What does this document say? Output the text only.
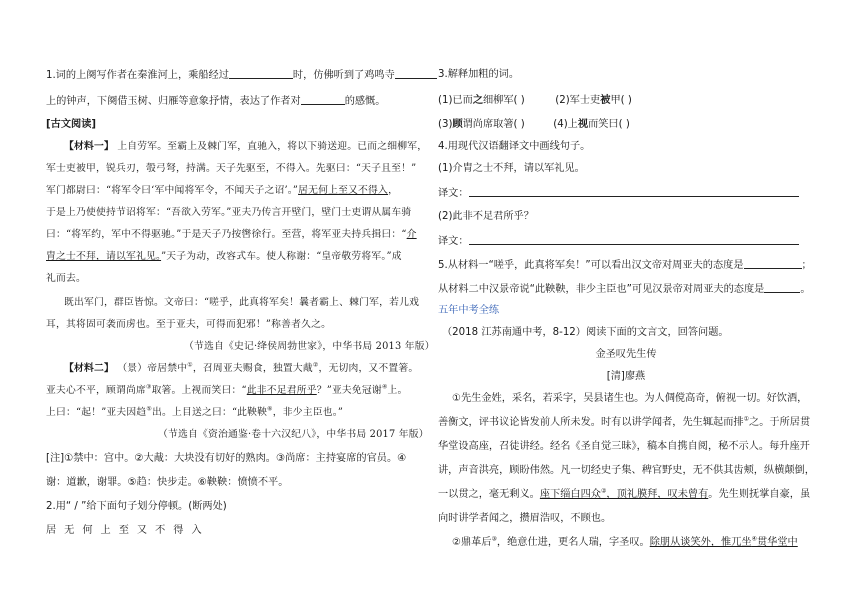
1.词的上阕写作者在秦淮河上，乘船经过	时，仿佛听到了鸡鸣寺
上的钟声，下阕借玉树、归雁等意象抒情，表达了作者对	的感慨。
[古文阅读]
【材料一】 上自劳军。至霸上及棘门军，直驰入，将以下骑送迎。已而之细柳军，
军士吏被甲，锐兵刃，彀弓弩，持满。天子先驱至，不得入。先驱曰：“天子且至！”
军门都尉曰：“将军令曰‘军中闻将军令，不闻天子之诏’。”居无何上至又不得入，
于是上乃使使持节诏将军：“吾欲入劳军。”亚夫乃传言开壁门，壁门士吏谓从属车骑
曰：“将军约，军中不得驱驰。”于是天子乃按辔徐行。至营，将军亚夫持兵揖曰：“介
胄之士不拜，请以军礼见。”天子为动，改容式车。使人称谢：“皇帝敬劳将军。”成
礼而去。
既出军门，群臣皆惊。文帝曰：“嗟乎，此真将军矣！曩者霸上、棘门军，若儿戏
耳，其将固可袭而虏也。至于亚夫，可得而犯邪！”称善者久之。
（节选自《史记·绛侯周勃世家》，中华书局 2013 年版）
【材料二】 （景）帝居禁中①，召周亚夫赐食，独置大胾②，无切肉，又不置箸。
亚夫心不平，顾谓尚席③取箸。上视而笑曰：“此非不足君所乎？”亚夫免冠谢④上。
上曰：“起！”亚夫因趋⑤出。上目送之曰：“此鞅鞅⑥，非少主臣也。”
（节选自《资治通鉴·卷十六汉纪八》，中华书局 2017 年版）
[注]①禁中：宫中。②大胾：大块没有切好的熟肉。③尚席：主持宴席的官员。④
谢：道歉，谢罪。⑤趋：快步走。⑥鞅鞅：愤愤不平。
2.用“ / ”给下面句子划分停顿。(断两处)
居无何上至又不得入
3.解释加粗的词。
(1)已而之细柳军( )	(2)军士吏被甲( )
(3)顾谓尚席取箸( )	(4)上视而笑曰( )
4.用现代汉语翻译文中画线句子。
(1)介胄之士不拜，请以军礼见。
译文：
(2)此非不足君所乎？
译文：
5.从材料一“嗟乎，此真将军矣！”可以看出汉文帝对周亚夫的态度是	；
从材料二中汉景帝说“此鞅鞅，非少主臣也”可见汉景帝对周亚夫的态度是	。
五年中考全练
（2018 江苏南通中考，8-12）阅读下面的文言文，回答问题。
金圣叹先生传
[清]廖燕
①先生金姓，采名，若采字，吴县诸生也。为人倜傥高奇，俯视一切。好饮酒，
善衡文，评书议论皆发前人所未发。时有以讲学闻者，先生辄起而排①之。于所居贯
华堂设高座，召徒讲经。经名《圣自觉三昧》，稿本自携自阅，秘不示人。每升座开
讲，声音洪亮，顾盼伟然。凡一切经史子集、稗官野史，无不供其齿颊，纵横颠倒，
一以贯之，毫无剩义。座下缁白四众②，顶礼膜拜，叹未曾有。先生则抚掌自豪，虽
向时讲学者闻之，攒眉浩叹，不顾也。
②鼎革后③，绝意仕进，更名人瑞，字圣叹。除朋从谈笑外，惟兀坐④贯华堂中
